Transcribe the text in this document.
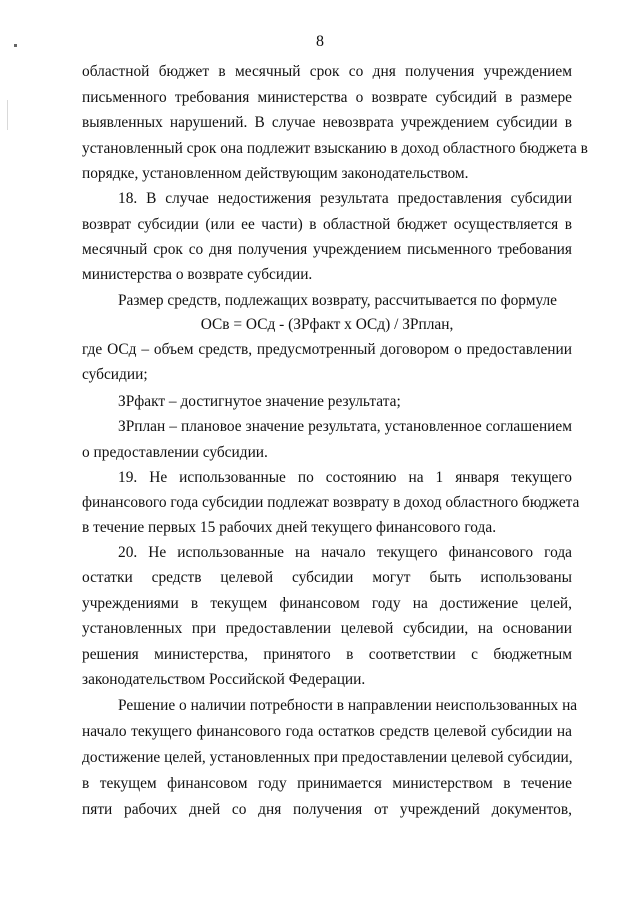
8
областной бюджет в месячный срок со дня получения учреждением
письменного требования министерства о возврате субсидий в размере
выявленных нарушений. В случае невозврата учреждением субсидии в
установленный срок она подлежит взысканию в доход областного бюджета в
порядке, установленном действующим законодательством.
18. В случае недостижения результата предоставления субсидии
возврат субсидии (или ее части) в областной бюджет осуществляется в
месячный срок со дня получения учреждением письменного требования
министерства о возврате субсидии.
Размер средств, подлежащих возврату, рассчитывается по формуле
ОСв = ОСд - (ЗРфакт х ОСд) / ЗРплан,
где ОСд – объем средств, предусмотренный договором о предоставлении
субсидии;
ЗРфакт – достигнутое значение результата;
ЗРплан – плановое значение результата, установленное соглашением
о предоставлении субсидии.
19. Не использованные по состоянию на 1 января текущего
финансового года субсидии подлежат возврату в доход областного бюджета
в течение первых 15 рабочих дней текущего финансового года.
20. Не использованные на начало текущего финансового года
остатки средств целевой субсидии могут быть использованы
учреждениями в текущем финансовом году на достижение целей,
установленных при предоставлении целевой субсидии, на основании
решения министерства, принятого в соответствии с бюджетным
законодательством Российской Федерации.
Решение о наличии потребности в направлении неиспользованных на
начало текущего финансового года остатков средств целевой субсидии на
достижение целей, установленных при предоставлении целевой субсидии,
в текущем финансовом году принимается министерством в течение
пяти рабочих дней со дня получения от учреждений документов,
